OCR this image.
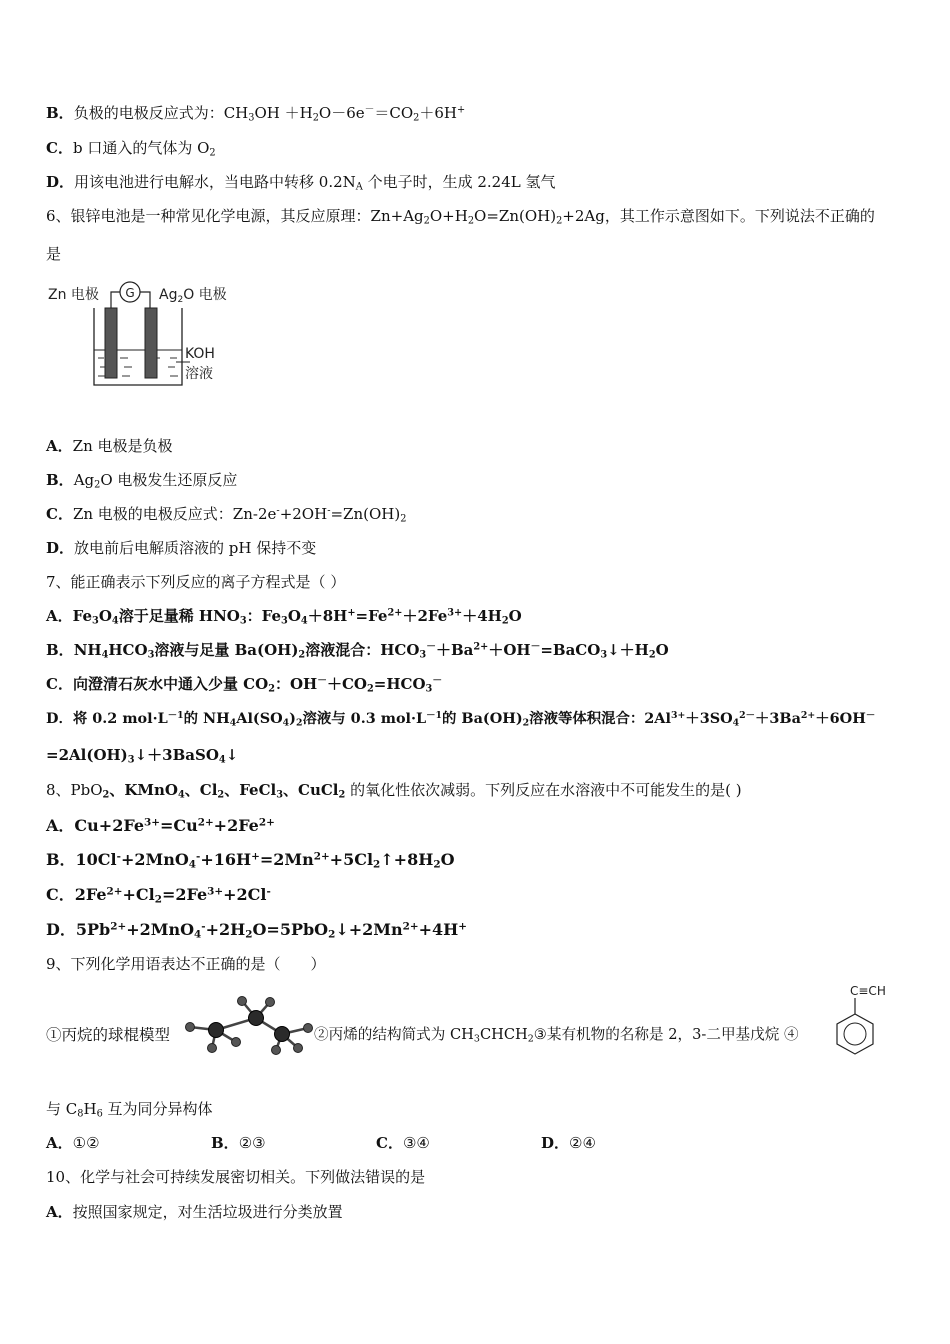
B．负极的电极反应式为：$CH_3OH +H_2O-6e^-=CO_2+6H^+$
C．b 口通入的气体为 $O_2$
D．用该电池进行电解水，当电路中转移 $0.2N_A$ 个电子时，生成 2.24L 氢气
6、银锌电池是一种常见化学电源，其反应原理：$Zn+Ag_2O+H_2O=Zn(OH)_2+2Ag$，其工作示意图如下。下列说法不正确的
是
Zn 电极 G $Ag_2O$ 电极
KOH
溶液
A．Zn 电极是负极
B．$Ag_2O$ 电极发生还原反应
C．Zn 电极的电极反应式：$Zn-2e^-+2OH^-=Zn(OH)_2$
D．放电前后电解质溶液的 pH 保持不变
7、能正确表示下列反应的离子方程式是（ ）
A．$Fe_3O_4$溶于足量稀 $HNO_3$：$Fe_3O_4+8H^+=Fe^{2+}+2Fe^{3+}+4H_2O$
B．$NH_4HCO_3$溶液与足量 $Ba(OH)_2$溶液混合：$HCO_3^-+Ba^{2+}+OH^-=BaCO_3↓+H_2O$
C．向澄清石灰水中通入少量 $CO_2$：$OH^-+CO_2=HCO_3^-$
D．将 0.2 $mol\cdot L^{-1}$的 $NH_4Al(SO_4)_2$溶液与 0.3 $mol\cdot L^{-1}$的 $Ba(OH)_2$溶液等体积混合：$2Al^{3+}+3SO_4^{2-}+3Ba^{2+}+6OH^-$
$=2Al(OH)_3↓+3BaSO_4↓$
8、PbO$_2$、KMnO$_4$、$Cl_2$、FeCl$_3$、CuCl$_2$ 的氧化性依次减弱。下列反应在水溶液中不可能发生的是( )
A．$Cu+2Fe^{3+}=Cu^{2+}+2Fe^{2+}$
B．$10Cl^-+2MnO_4^-+16H^+=2Mn^{2+}+5Cl_2↑+8H_2O$
C．$2Fe^{2+}+Cl_2=2Fe^{3+}+2Cl^-$
D．$5Pb^{2+}+2MnO_4^-+2H_2O=5PbO_2↓+2Mn^{2+}+4H^+$
9、下列化学用语表达不正确的是（　　）
①丙烷的球棍模型	②丙烯的结构简式为 $CH_3CHCH_2③$某有机物的名称是 2，3-二甲基戊烷 ④
C≡CH
与 $C_8H_6$ 互为同分异构体
A．①②	B．②③	C．③④	D．②④
10、化学与社会可持续发展密切相关。下列做法错误的是
A．按照国家规定，对生活垃圾进行分类放置
